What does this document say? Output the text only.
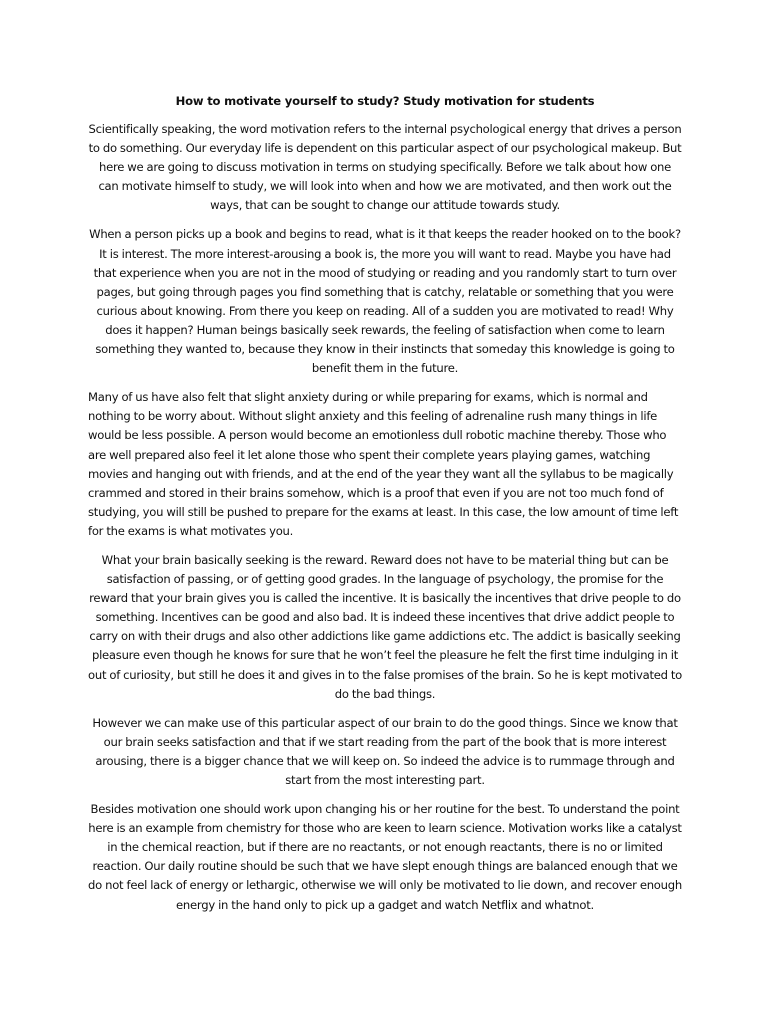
How to motivate yourself to study? Study motivation for students

Scientifically speaking, the word motivation refers to the internal psychological energy that drives a person to do something. Our everyday life is dependent on this particular aspect of our psychological makeup. But here we are going to discuss motivation in terms on studying specifically. Before we talk about how one can motivate himself to study, we will look into when and how we are motivated, and then work out the ways, that can be sought to change our attitude towards study.

When a person picks up a book and begins to read, what is it that keeps the reader hooked on to the book? It is interest. The more interest-arousing a book is, the more you will want to read. Maybe you have had that experience when you are not in the mood of studying or reading and you randomly start to turn over pages, but going through pages you find something that is catchy, relatable or something that you were curious about knowing. From there you keep on reading. All of a sudden you are motivated to read! Why does it happen? Human beings basically seek rewards, the feeling of satisfaction when come to learn something they wanted to, because they know in their instincts that someday this knowledge is going to benefit them in the future.

Many of us have also felt that slight anxiety during or while preparing for exams, which is normal and nothing to be worry about. Without slight anxiety and this feeling of adrenaline rush many things in life would be less possible. A person would become an emotionless dull robotic machine thereby. Those who are well prepared also feel it let alone those who spent their complete years playing games, watching movies and hanging out with friends, and at the end of the year they want all the syllabus to be magically crammed and stored in their brains somehow, which is a proof that even if you are not too much fond of studying, you will still be pushed to prepare for the exams at least. In this case, the low amount of time left for the exams is what motivates you.

What your brain basically seeking is the reward. Reward does not have to be material thing but can be satisfaction of passing, or of getting good grades. In the language of psychology, the promise for the reward that your brain gives you is called the incentive. It is basically the incentives that drive people to do something. Incentives can be good and also bad. It is indeed these incentives that drive addict people to carry on with their drugs and also other addictions like game addictions etc. The addict is basically seeking pleasure even though he knows for sure that he won’t feel the pleasure he felt the first time indulging in it out of curiosity, but still he does it and gives in to the false promises of the brain. So he is kept motivated to do the bad things.

However we can make use of this particular aspect of our brain to do the good things. Since we know that our brain seeks satisfaction and that if we start reading from the part of the book that is more interest arousing, there is a bigger chance that we will keep on. So indeed the advice is to rummage through and start from the most interesting part.

Besides motivation one should work upon changing his or her routine for the best. To understand the point here is an example from chemistry for those who are keen to learn science. Motivation works like a catalyst in the chemical reaction, but if there are no reactants, or not enough reactants, there is no or limited reaction. Our daily routine should be such that we have slept enough things are balanced enough that we do not feel lack of energy or lethargic, otherwise we will only be motivated to lie down, and recover enough energy in the hand only to pick up a gadget and watch Netflix and whatnot.
